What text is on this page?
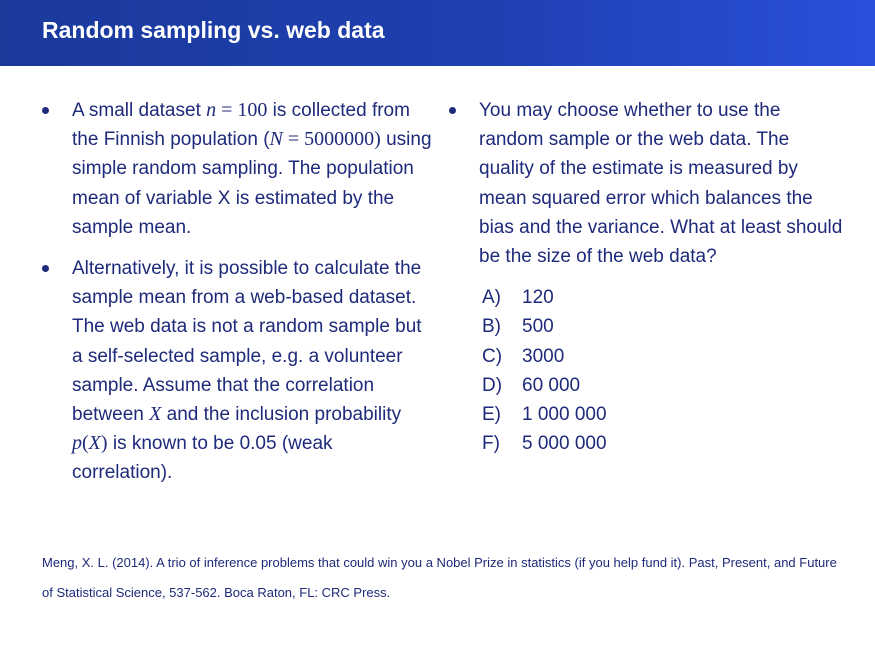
Random sampling vs. web data
A small dataset n = 100 is collected from the Finnish population (N = 5000000) using simple random sampling. The population mean of variable X is estimated by the sample mean.
Alternatively, it is possible to calculate the sample mean from a web-based dataset. The web data is not a random sample but a self-selected sample, e.g. a volunteer sample. Assume that the correlation between X and the inclusion probability p(X) is known to be 0.05 (weak correlation).
You may choose whether to use the random sample or the web data. The quality of the estimate is measured by mean squared error which balances the bias and the variance. What at least should be the size of the web data?
A)	120
B)	500
C)	3000
D)	60 000
E)	1 000 000
F)	5 000 000
Meng, X. L. (2014). A trio of inference problems that could win you a Nobel Prize in statistics (if you help fund it). Past, Present, and Future of Statistical Science, 537-562. Boca Raton, FL: CRC Press.
